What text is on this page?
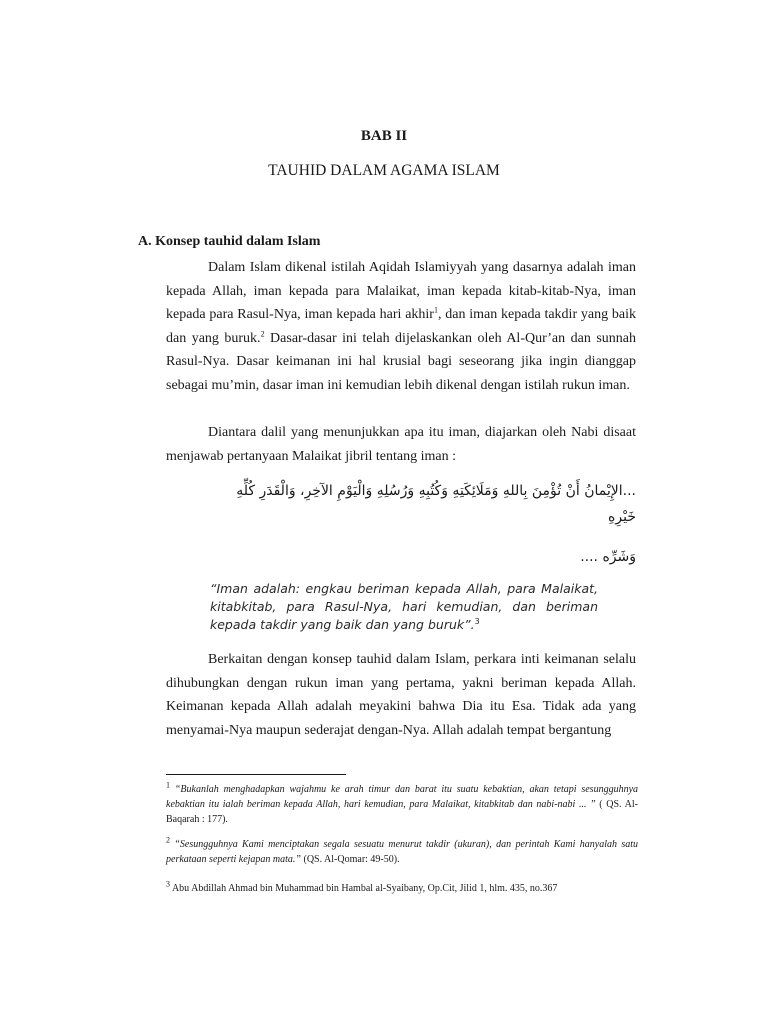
BAB II
TAUHID DALAM AGAMA ISLAM
A. Konsep tauhid dalam Islam

Dalam Islam dikenal istilah Aqidah Islamiyyah yang dasarnya adalah iman kepada Allah, iman kepada para Malaikat, iman kepada kitab-kitab-Nya, iman kepada para Rasul-Nya, iman kepada hari akhir$^1$, dan iman kepada takdir yang baik dan yang buruk.$^2$ Dasar-dasar ini telah dijelaskankan oleh Al-Qur’an dan sunnah Rasul-Nya. Dasar keimanan ini hal krusial bagi seseorang jika ingin dianggap sebagai mu’min, dasar iman ini kemudian lebih dikenal dengan istilah rukun iman.

Diantara dalil yang menunjukkan apa itu iman, diajarkan oleh Nabi disaat menjawab pertanyaan Malaikat jibril tentang iman :

...الإِيْمانُ أَنْ تُؤْمِنَ بِاللهِ وَمَلَائِكَتِهِ وَكُتُبِهِ وَرُسُلِهِ وَالْيَوْمِ الآخِرِ، وَالْقَدَرِ كُلِّهِ خَيْرِهِ
وَشَرِّه ....

“Iman adalah: engkau beriman kepada Allah, para Malaikat, kitabkitab, para Rasul-Nya, hari kemudian, dan beriman kepada takdir yang baik dan yang buruk”.$^3$

Berkaitan dengan konsep tauhid dalam Islam, perkara inti keimanan selalu dihubungkan dengan rukun iman yang pertama, yakni beriman kepada Allah. Keimanan kepada Allah adalah meyakini bahwa Dia itu Esa. Tidak ada yang menyamai-Nya maupun sederajat dengan-Nya. Allah adalah tempat bergantung

$^1$ “Bukanlah menghadapkan wajahmu ke arah timur dan barat itu suatu kebaktian, akan tetapi sesungguhnya kebaktian itu ialah beriman kepada Allah, hari kemudian, para Malaikat, kitabkitab dan nabi-nabi ... ” ( QS. Al-Baqarah : 177).

$^2$ “Sesungguhnya Kami menciptakan segala sesuatu menurut takdir (ukuran), dan perintah Kami hanyalah satu perkataan seperti kejapan mata.” (QS. Al-Qomar: 49-50).

$^3$ Abu Abdillah Ahmad bin Muhammad bin Hambal al-Syaibany, Op.Cit, Jilid 1, hlm. 435, no.367
